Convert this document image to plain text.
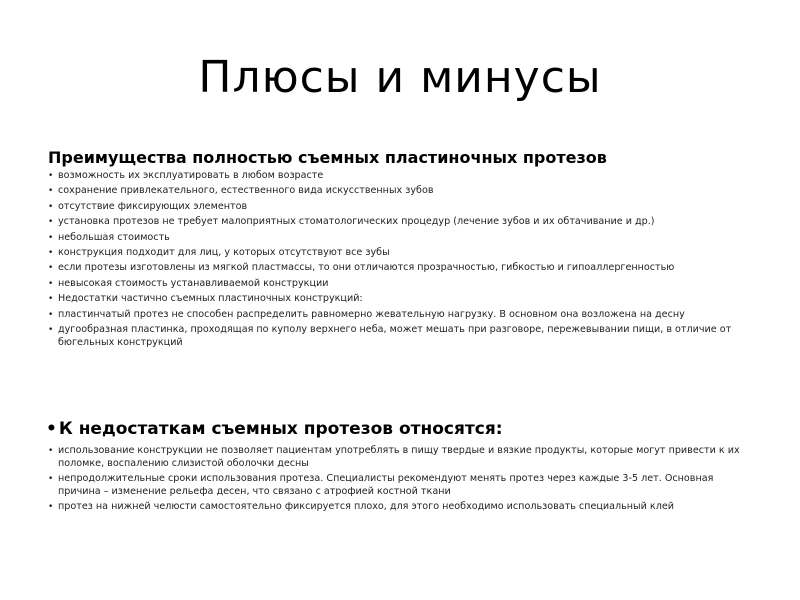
Плюсы и минусы
Преимущества полностью съемных пластиночных протезов
• возможность их эксплуатировать в любом возрасте
• сохранение привлекательного, естественного вида искусственных зубов
• отсутствие фиксирующих элементов
• установка протезов не требует малоприятных стоматологических процедур (лечение зубов и их обтачивание и др.)
• небольшая стоимость
• конструкция подходит для лиц, у которых отсутствуют все зубы
• если протезы изготовлены из мягкой пластмассы, то они отличаются прозрачностью, гибкостью и гипоаллергенностью
• невысокая стоимость устанавливаемой конструкции
• Недостатки частично съемных пластиночных конструкций:
• пластинчатый протез не способен распределить равномерно жевательную нагрузку. В основном она возложена на десну
• дугообразная пластинка, проходящая по куполу верхнего неба, может мешать при разговоре, пережевывании пищи, в отличие от бюгельных конструкций
• К недостаткам съемных протезов относятся:
• использование конструкции не позволяет пациентам употреблять в пищу твердые и вязкие продукты, которые могут привести к их поломке, воспалению слизистой оболочки десны
• непродолжительные сроки использования протеза. Специалисты рекомендуют менять протез через каждые 3-5 лет. Основная причина – изменение рельефа десен, что связано с атрофией костной ткани
• протез на нижней челюсти самостоятельно фиксируется плохо, для этого необходимо использовать специальный клей
